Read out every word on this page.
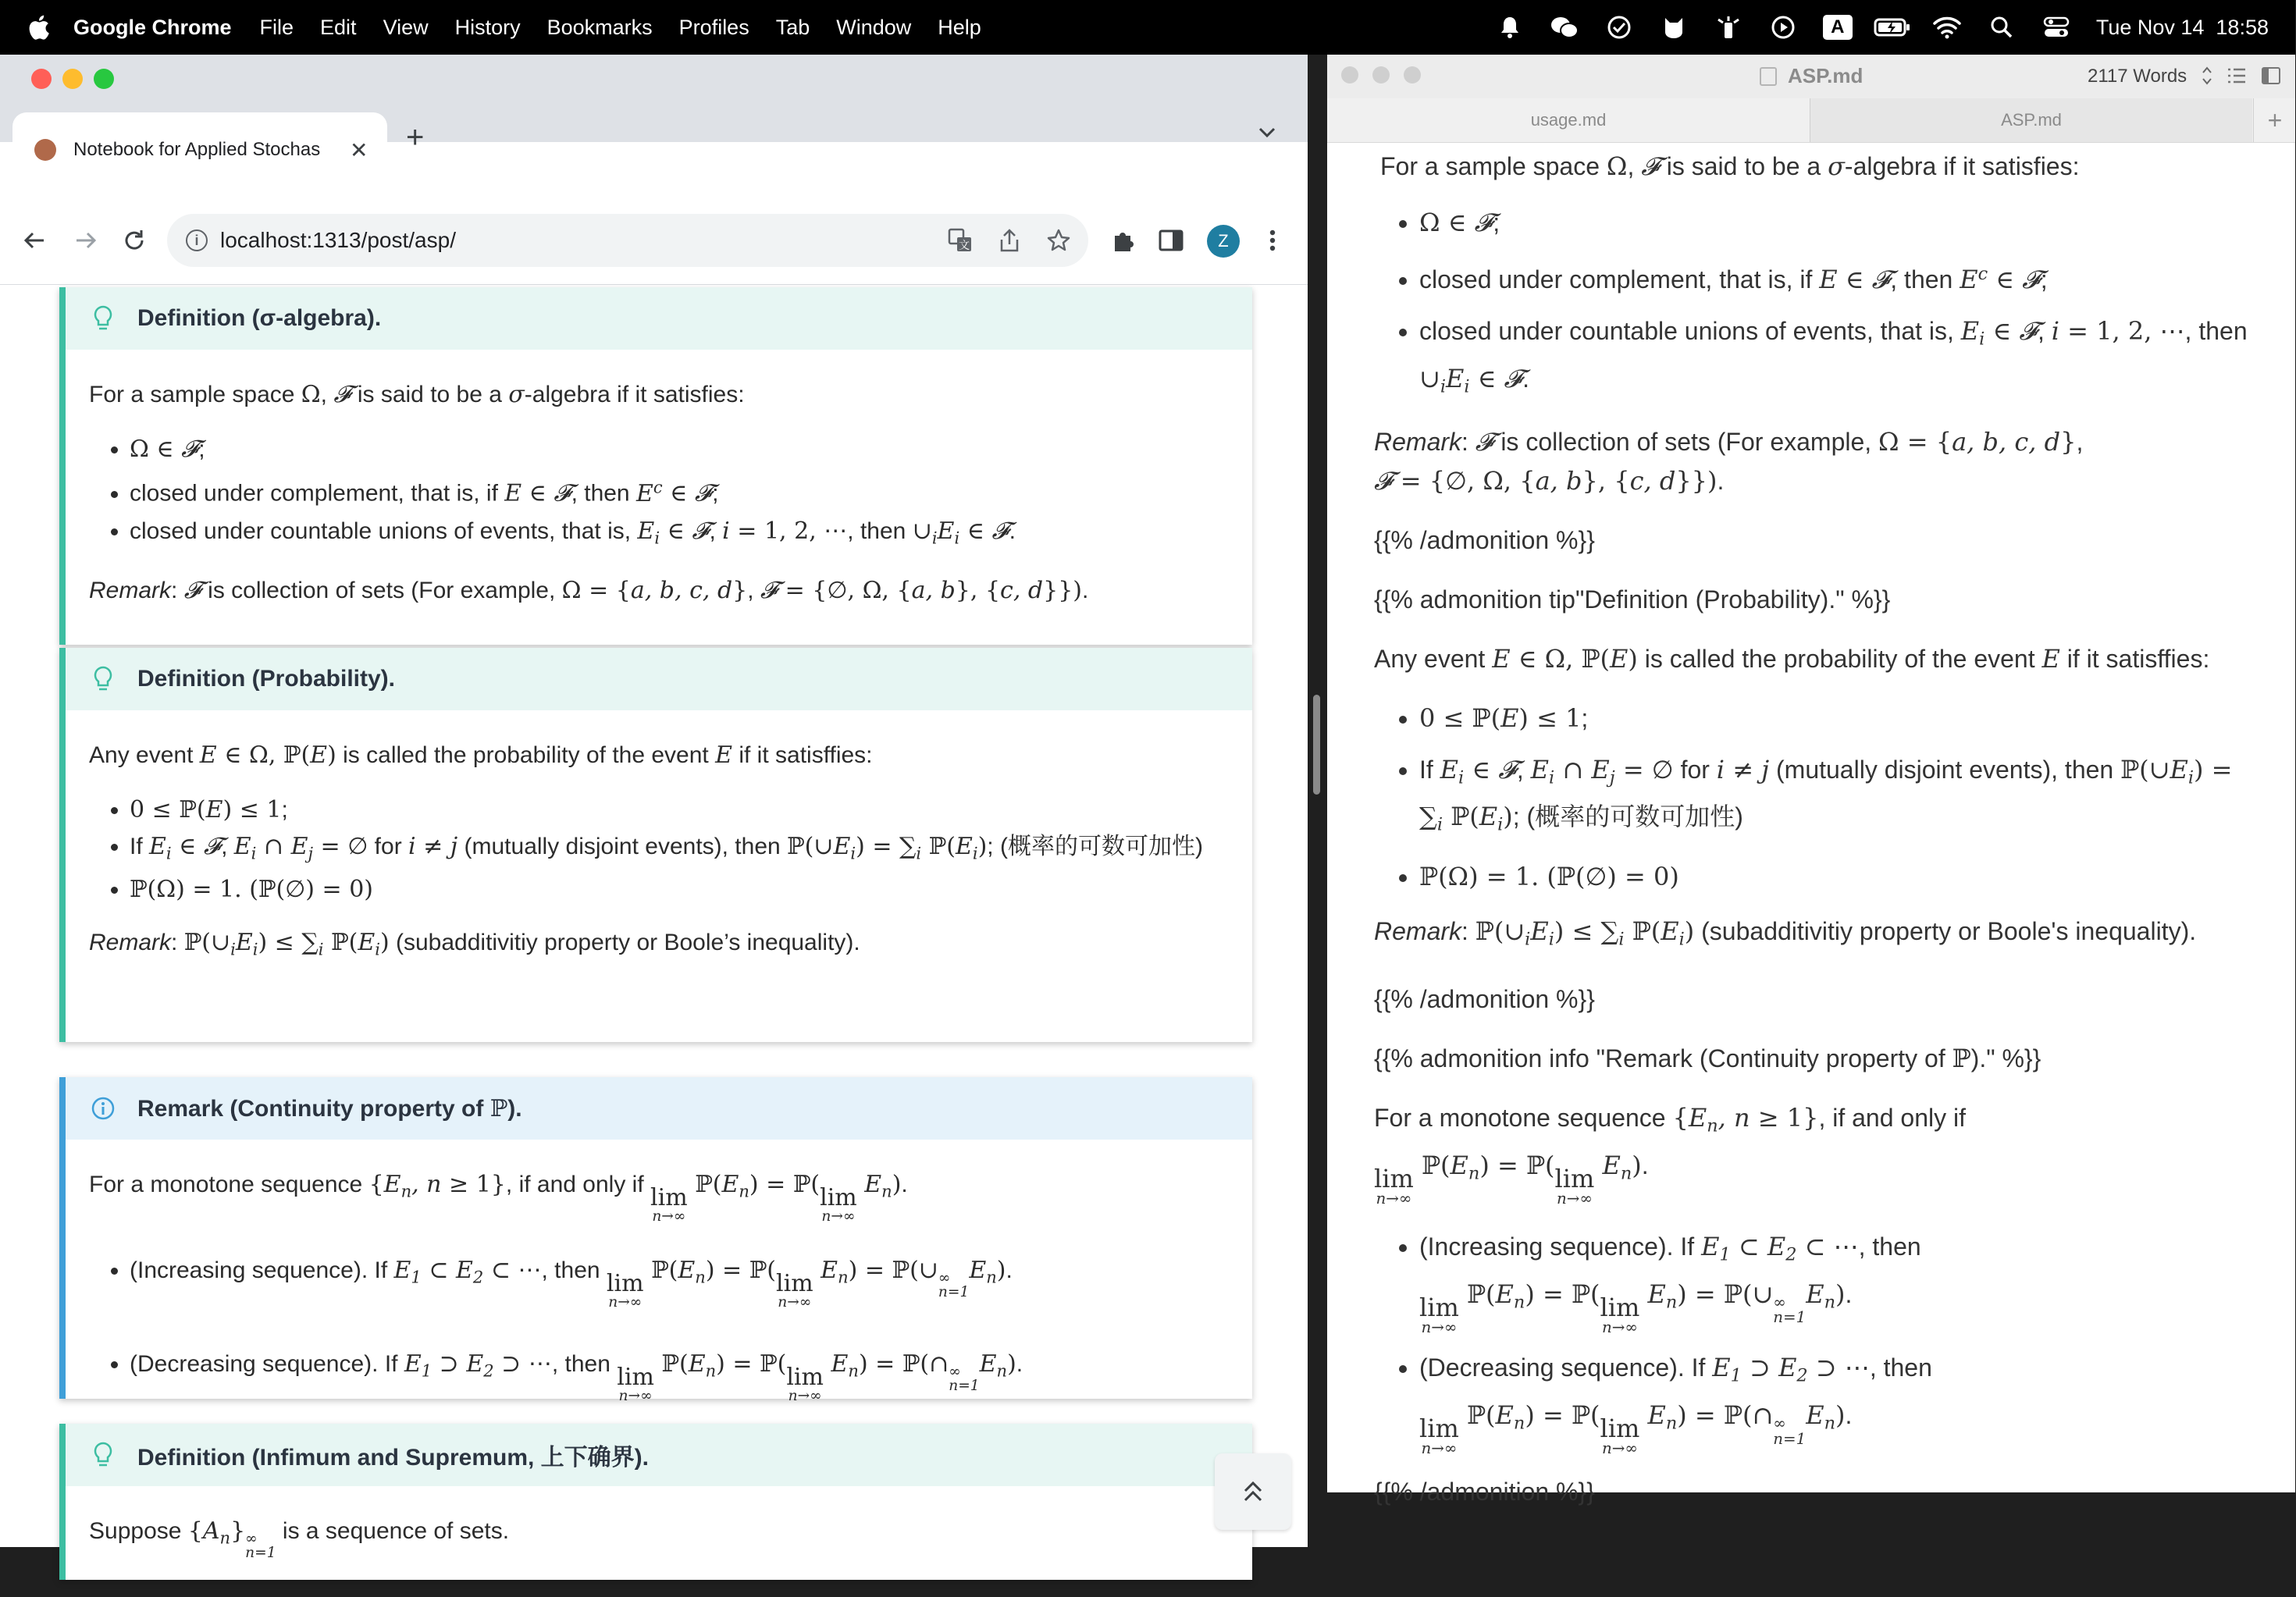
Google Chrome File Edit View History Bookmarks Profiles Tab Window Help	A	Tue Nov 14  18:58
Notebook for Applied Stochas	✕ +
i localhost:1313/post/asp/	文	Z
Definition (σ-algebra).

For a sample space Ω, 𝓕 is said to be a σ-algebra if it satisfies:

• Ω ∈ 𝓕;
• closed under complement, that is, if E ∈ 𝓕, then $E^c$ ∈ 𝓕;
• closed under countable unions of events, that is, $E_i$ ∈ 𝓕, i = 1, 2, ⋯, then $\cup_iE_i$ ∈ 𝓕.

Remark: 𝓕 is collection of sets (For example, Ω = {a, b, c, d}, 𝓕 = {∅, Ω, {a, b}, {c, d}}).

Definition (Probability).

Any event E ∈ Ω, ℙ(E) is called the probability of the event E if it satisffies:

• 0 ≤ ℙ(E) ≤ 1;
• If $E_i$ ∈ 𝓕, $E_i$ ∩ $E_j$ = ∅ for i ≠ j (mutually disjoint events), then $ℙ(\cup E_i) = \sum_i$ $ℙ(E_i)$; (概率的可数可加性)
• ℙ(Ω) = 1. (ℙ(∅) = 0)

Remark: $ℙ(\cup_iE_i) \le \sum_i$ $ℙ(E_i)$ (subadditivitiy property or Boole’s inequality).

Remark (Continuity property of ℙ).

For a monotone sequence {$E_n$, n ≥ 1}, if and only if lim
n→∞
$ℙ(E_n)$ = ℙ( lim
n→∞
$E_n$).

• (Increasing sequence). If $E_1$ ⊂ $E_2$ ⊂ ⋯, then lim
n→∞
$ℙ(E_n)$ = ℙ( lim
n→∞
$E_n$) = ℙ(∪ ∞
n=1
$E_n$).
• (Decreasing sequence). If $E_1$ ⊃ $E_2$ ⊃ ⋯, then lim
n→∞
$ℙ(E_n)$ = ℙ( lim
n→∞
$E_n$) = ℙ(∩ ∞
n=1
$E_n$).
Definition (Infimum and Supremum, 上下确界).

Suppose $\{A_n\}$ ∞
n=1
is a sequence of sets.

ASP.md	2117 Words
usage.md	ASP.md	+

For a sample space Ω, 𝓕 is said to be a σ-algebra if it satisfies:

• Ω ∈ 𝓕;
• closed under complement, that is, if E ∈ 𝓕, then $E^c$ ∈ 𝓕;
• closed under countable unions of events, that is, $E_i$ ∈ 𝓕, i = 1, 2, ⋯, then $\cup_iE_i$ ∈ 𝓕.

Remark: 𝓕 is collection of sets (For example, Ω = {a, b, c, d},
𝓕 = {∅, Ω, {a, b}, {c, d}}).

{{% /admonition %}}

{{% admonition tip"Definition (Probability)." %}}

Any event E ∈ Ω, ℙ(E) is called the probability of the event E if it satisffies:

• 0 ≤ ℙ(E) ≤ 1;
• If $E_i$ ∈ 𝓕, $E_i$ ∩ $E_j$ = ∅ for i ≠ j (mutually disjoint events), then $ℙ(\cup E_i) = \sum_i$ $ℙ(E_i)$; (概率的可数可加性)
• ℙ(Ω) = 1. (ℙ(∅) = 0)

Remark: $ℙ(\cup_iE_i) \le \sum_i$ $ℙ(E_i)$ (subadditivitiy property or Boole's inequality).

{{% /admonition %}}

{{% admonition info "Remark (Continuity property of ℙ)." %}}

For a monotone sequence {$E_n$, n ≥ 1}, if and only if

lim
n→∞
$ℙ(E_n)$ = ℙ( lim
n→∞
$E_n$).

• (Increasing sequence). If $E_1$ ⊂ $E_2$ ⊂ ⋯, then

lim
n→∞
$ℙ(E_n)$ = ℙ( lim
n→∞
$E_n$) = ℙ(∪ ∞
n=1
$E_n$).
• (Decreasing sequence). If $E_1$ ⊃ $E_2$ ⊃ ⋯, then

lim
n→∞
$ℙ(E_n)$ = ℙ( lim
n→∞
$E_n$) = ℙ(∩ ∞
n=1
$E_n$).

{{% /admonition %}}
